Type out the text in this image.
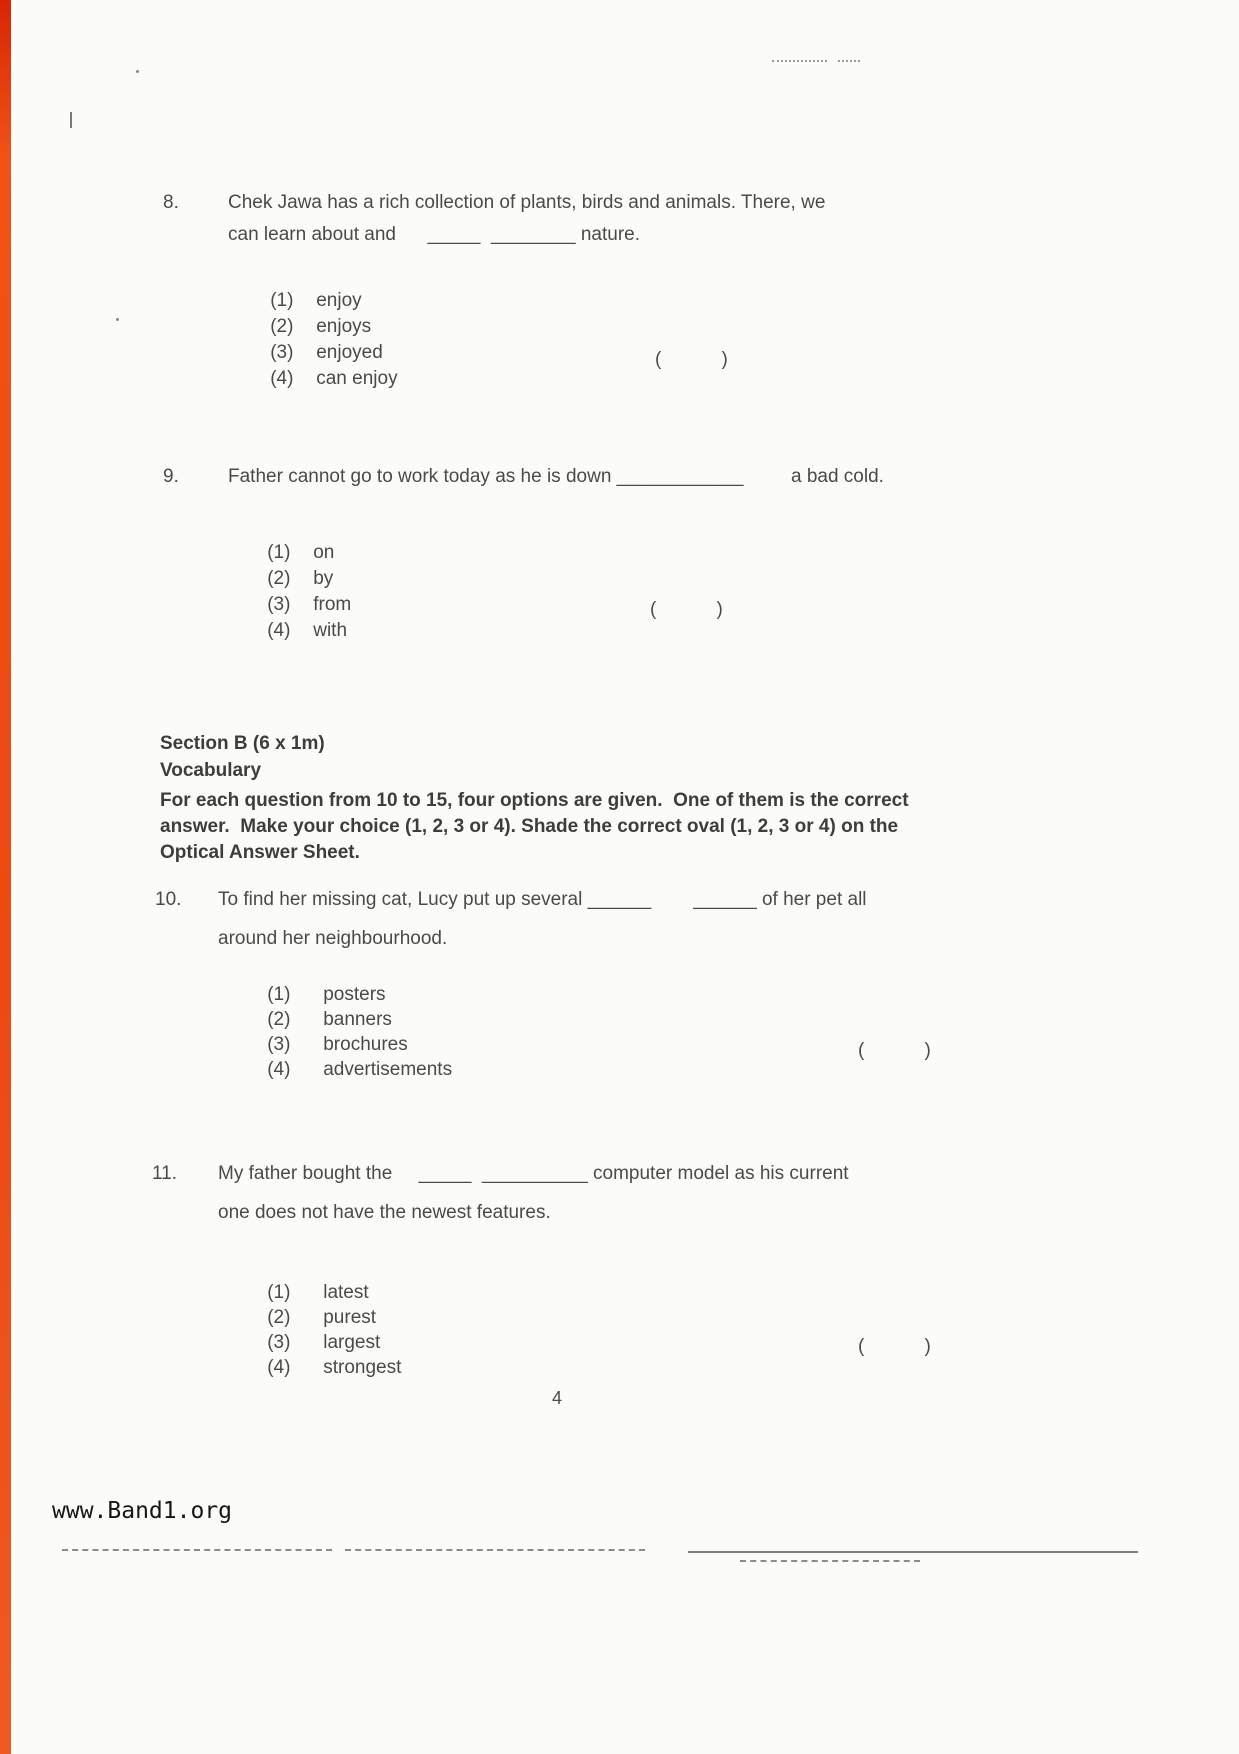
8.	Chek Jawa has a rich collection of plants, birds and animals. There, we
can learn about and      _____  ________ nature.

(1) enjoy

(2) enjoys

(3) enjoyed

(4) can enjoy

(        )
9.	Father cannot go to work today as he is down ____________         a bad cold.

(1) on

(2) by

(3) from

(4) with

(        )
Section B (6 x 1m)
Vocabulary
For each question from 10 to 15, four options are given.  One of them is the correct
answer.  Make your choice (1, 2, 3 or 4). Shade the correct oval (1, 2, 3 or 4) on the
Optical Answer Sheet.
10.	To find her missing cat, Lucy put up several ______        ______ of her pet all
around her neighbourhood.

(1) posters

(2) banners

(3) brochures

(4) advertisements

(        )
11.	My father bought the     _____  __________ computer model as his current
one does not have the newest features.

(1) latest

(2) purest

(3) largest

(4) strongest

(        )
4
www.Band1.org
